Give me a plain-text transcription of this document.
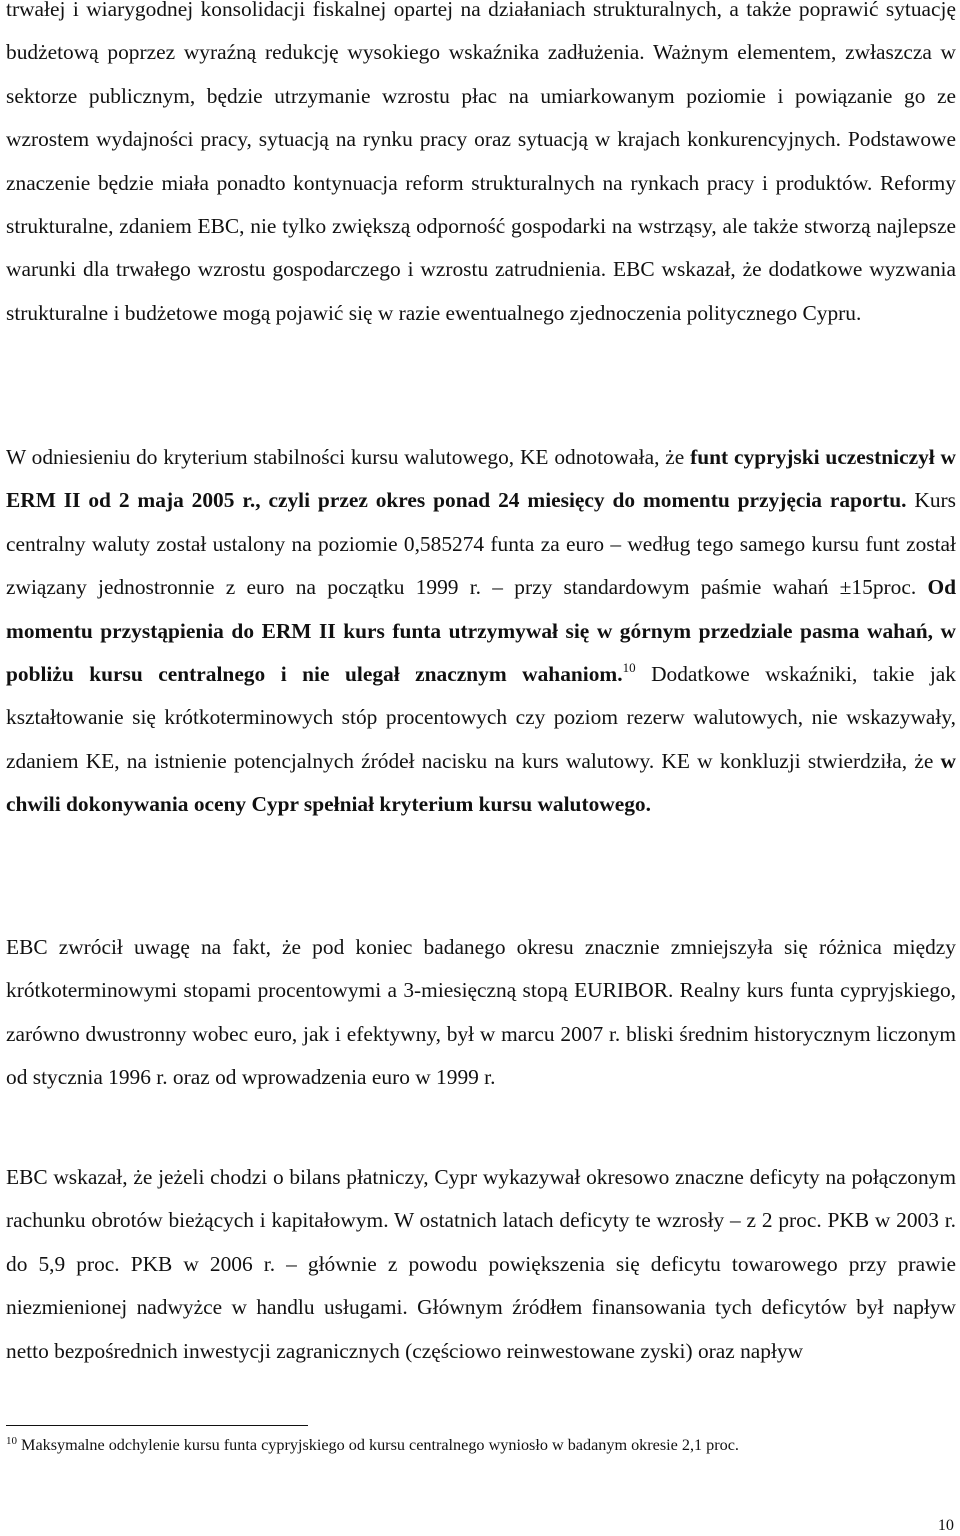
trwałej i wiarygodnej konsolidacji fiskalnej opartej na działaniach strukturalnych, a także poprawić sytuację budżetową poprzez wyraźną redukcję wysokiego wskaźnika zadłużenia. Ważnym elementem, zwłaszcza w sektorze publicznym, będzie utrzymanie wzrostu płac na umiarkowanym poziomie i powiązanie go ze wzrostem wydajności pracy, sytuacją na rynku pracy oraz sytuacją w krajach konkurencyjnych. Podstawowe znaczenie będzie miała ponadto kontynuacja reform strukturalnych na rynkach pracy i produktów. Reformy strukturalne, zdaniem EBC, nie tylko zwiększą odporność gospodarki na wstrząsy, ale także stworzą najlepsze warunki dla trwałego wzrostu gospodarczego i wzrostu zatrudnienia. EBC wskazał, że dodatkowe wyzwania strukturalne i budżetowe mogą pojawić się w razie ewentualnego zjednoczenia politycznego Cypru.

W odniesieniu do kryterium stabilności kursu walutowego, KE odnotowała, że funt cypryjski uczestniczył w ERM II od 2 maja 2005 r., czyli przez okres ponad 24 miesięcy do momentu przyjęcia raportu. Kurs centralny waluty został ustalony na poziomie 0,585274 funta za euro – według tego samego kursu funt został związany jednostronnie z euro na początku 1999 r. – przy standardowym paśmie wahań ±15proc. Od momentu przystąpienia do ERM II kurs funta utrzymywał się w górnym przedziale pasma wahań, w pobliżu kursu centralnego i nie ulegał znacznym wahaniom.$^{10}$ Dodatkowe wskaźniki, takie jak kształtowanie się krótkoterminowych stóp procentowych czy poziom rezerw walutowych, nie wskazywały, zdaniem KE, na istnienie potencjalnych źródeł nacisku na kurs walutowy. KE w konkluzji stwierdziła, że w chwili dokonywania oceny Cypr spełniał kryterium kursu walutowego.

EBC zwrócił uwagę na fakt, że pod koniec badanego okresu znacznie zmniejszyła się różnica między krótkoterminowymi stopami procentowymi a 3-miesięczną stopą EURIBOR. Realny kurs funta cypryjskiego, zarówno dwustronny wobec euro, jak i efektywny, był w marcu 2007 r. bliski średnim historycznym liczonym od stycznia 1996 r. oraz od wprowadzenia euro w 1999 r.

EBC wskazał, że jeżeli chodzi o bilans płatniczy, Cypr wykazywał okresowo znaczne deficyty na połączonym rachunku obrotów bieżących i kapitałowym. W ostatnich latach deficyty te wzrosły – z 2 proc. PKB w 2003 r. do 5,9 proc. PKB w 2006 r. – głównie z powodu powiększenia się deficytu towarowego przy prawie niezmienionej nadwyżce w handlu usługami. Głównym źródłem finansowania tych deficytów był napływ netto bezpośrednich inwestycji zagranicznych (częściowo reinwestowane zyski) oraz napływ

$^{10}$ Maksymalne odchylenie kursu funta cypryjskiego od kursu centralnego wyniosło w badanym okresie 2,1 proc.

10
